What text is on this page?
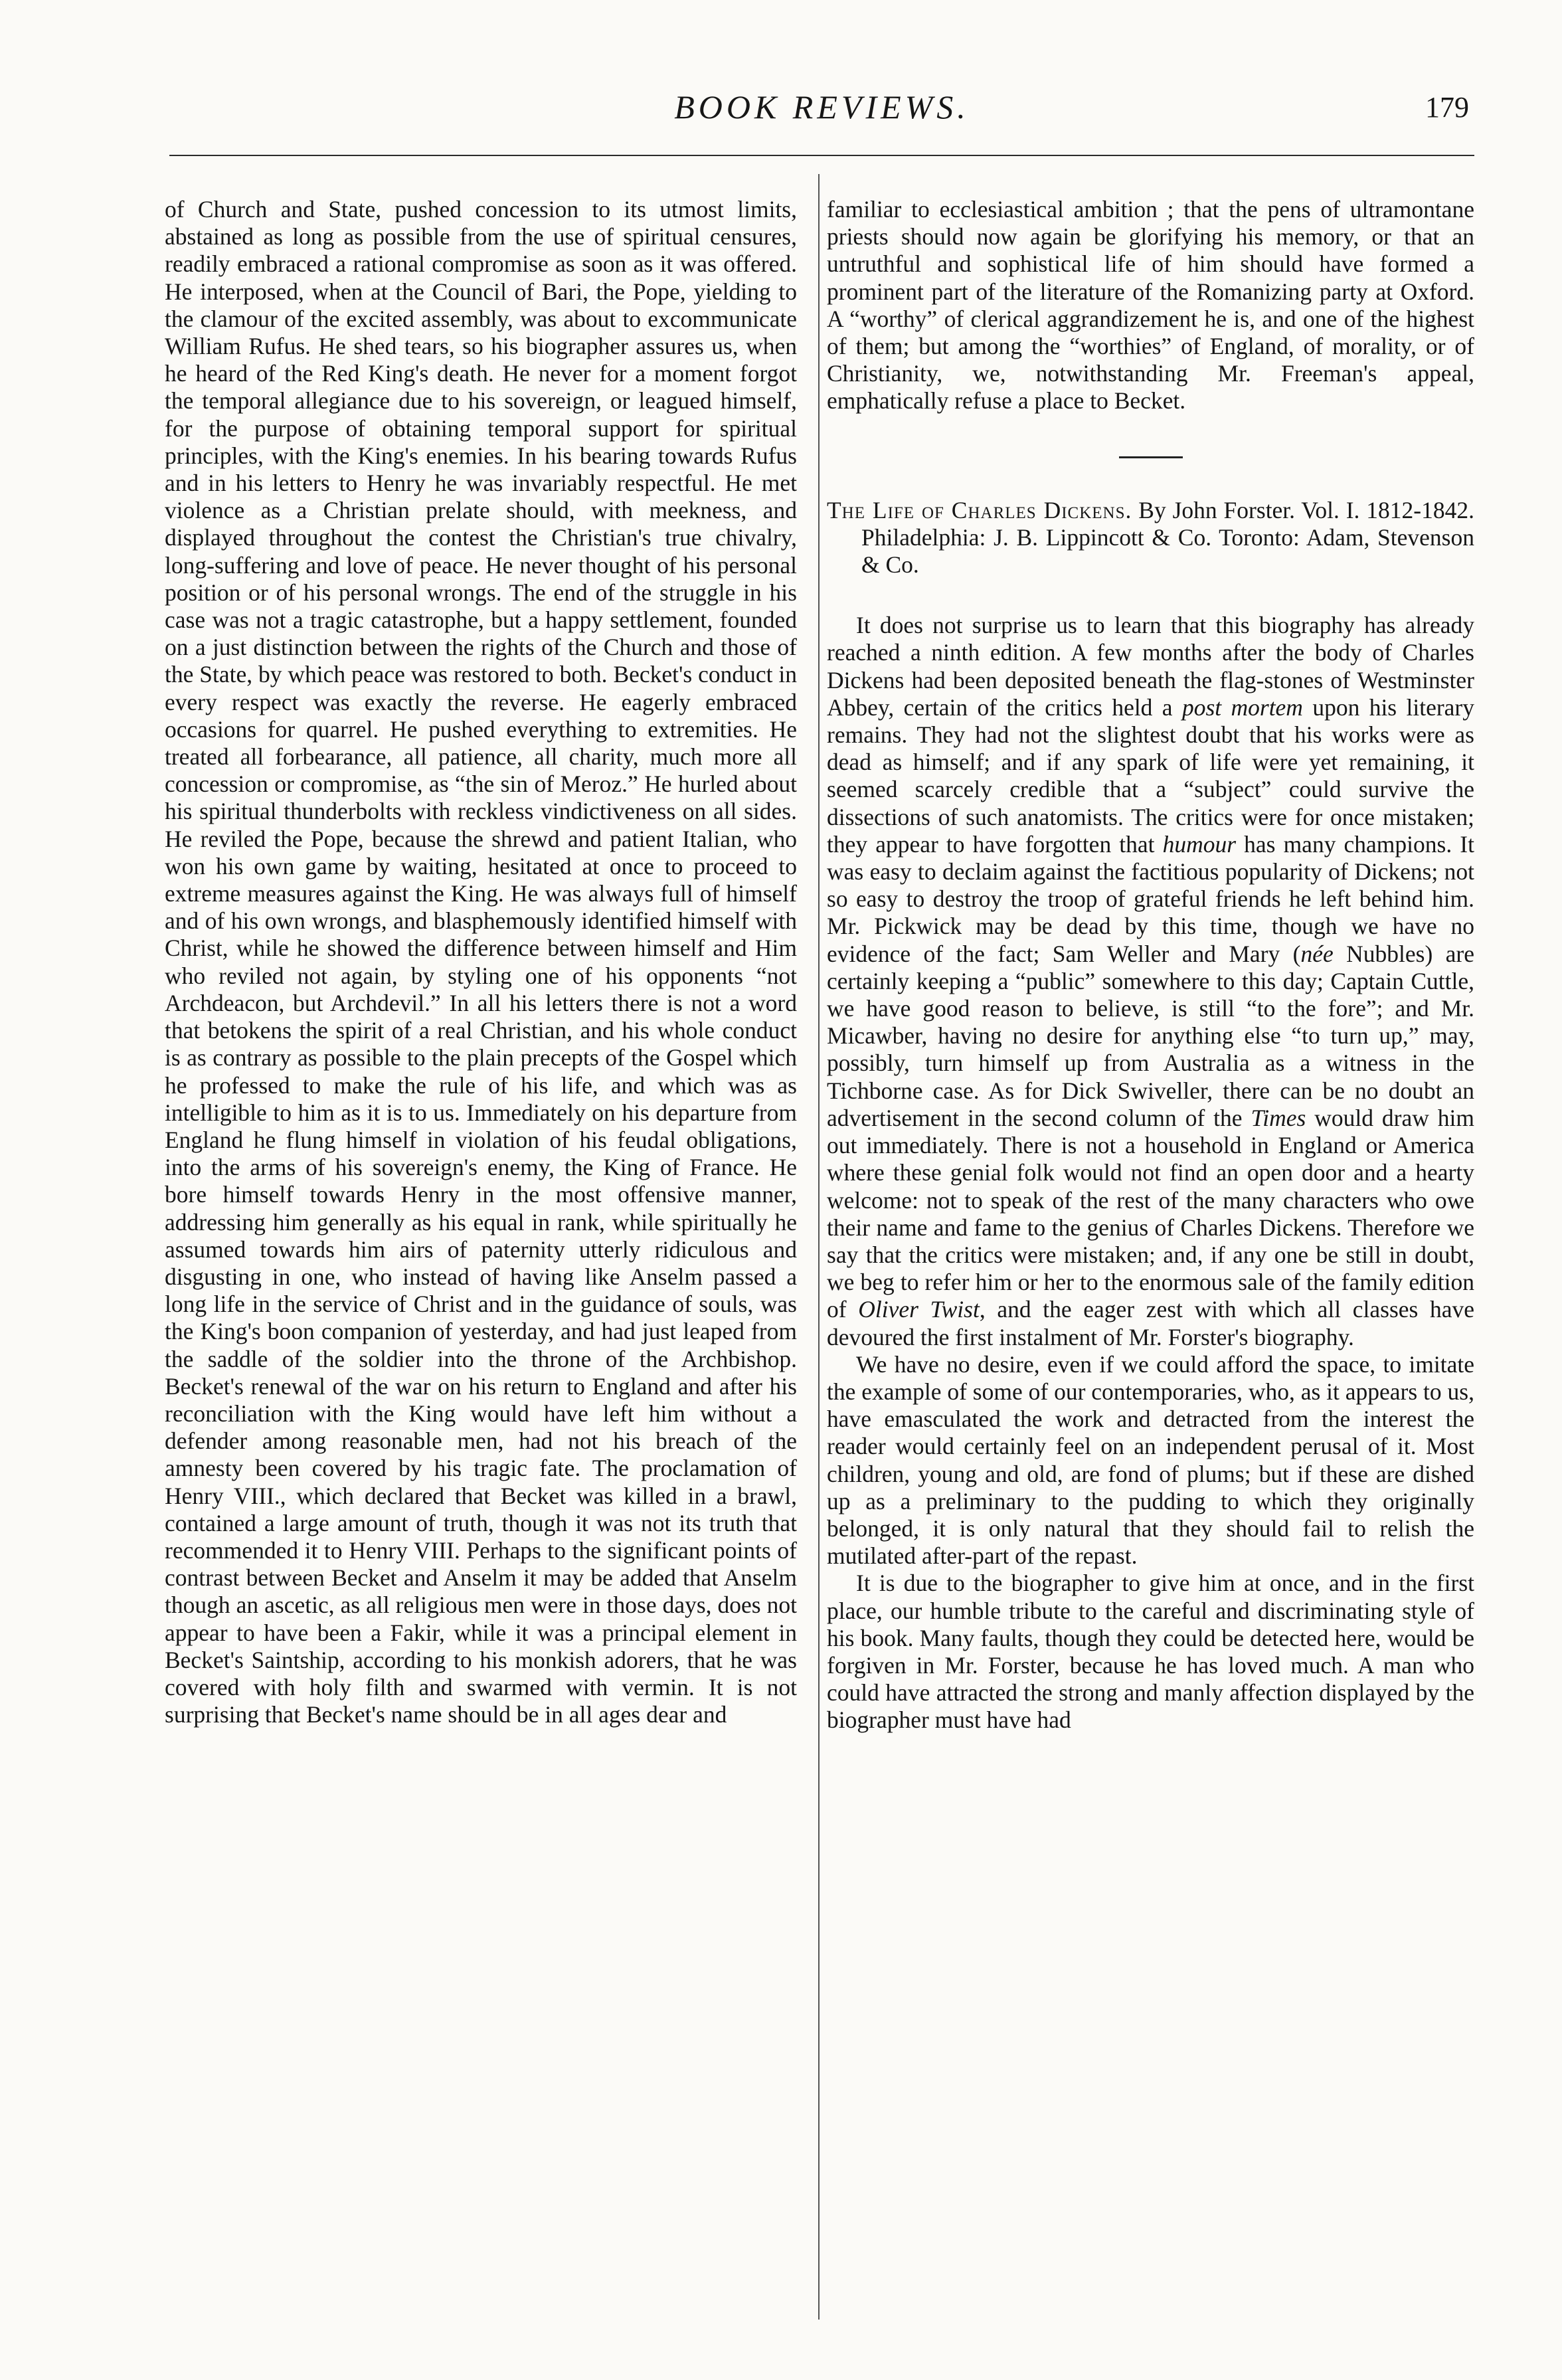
BOOK REVIEWS.	179

of Church and State, pushed concession to its utmost limits, abstained as long as possible from the use of spiritual censures, readily embraced a rational compromise as soon as it was offered. He interposed, when at the Council of Bari, the Pope, yielding to the clamour of the excited assembly, was about to excommunicate William Rufus. He shed tears, so his biographer assures us, when he heard of the Red King's death. He never for a moment forgot the temporal allegiance due to his sovereign, or leagued himself, for the purpose of obtaining temporal support for spiritual principles, with the King's enemies. In his bearing towards Rufus and in his letters to Henry he was invariably respectful. He met violence as a Christian prelate should, with meekness, and displayed throughout the contest the Christian's true chivalry, long-suffering and love of peace. He never thought of his personal position or of his personal wrongs. The end of the struggle in his case was not a tragic catastrophe, but a happy settlement, founded on a just distinction between the rights of the Church and those of the State, by which peace was restored to both. Becket's conduct in every respect was exactly the reverse. He eagerly embraced occasions for quarrel. He pushed everything to extremities. He treated all forbearance, all patience, all charity, much more all concession or compromise, as “the sin of Meroz.” He hurled about his spiritual thunderbolts with reckless vindictiveness on all sides. He reviled the Pope, because the shrewd and patient Italian, who won his own game by waiting, hesitated at once to proceed to extreme measures against the King. He was always full of himself and of his own wrongs, and blasphemously identified himself with Christ, while he showed the difference between himself and Him who reviled not again, by styling one of his opponents “not Archdeacon, but Archdevil.” In all his letters there is not a word that betokens the spirit of a real Christian, and his whole conduct is as contrary as possible to the plain precepts of the Gospel which he professed to make the rule of his life, and which was as intelligible to him as it is to us. Immediately on his departure from England he flung himself in violation of his feudal obligations, into the arms of his sovereign's enemy, the King of France. He bore himself towards Henry in the most offensive manner, addressing him generally as his equal in rank, while spiritually he assumed towards him airs of paternity utterly ridiculous and disgusting in one, who instead of having like Anselm passed a long life in the service of Christ and in the guidance of souls, was the King's boon companion of yesterday, and had just leaped from the saddle of the soldier into the throne of the Archbishop. Becket's renewal of the war on his return to England and after his reconciliation with the King would have left him without a defender among reasonable men, had not his breach of the amnesty been covered by his tragic fate. The proclamation of Henry VIII., which declared that Becket was killed in a brawl, contained a large amount of truth, though it was not its truth that recommended it to Henry VIII. Perhaps to the significant points of contrast between Becket and Anselm it may be added that Anselm though an ascetic, as all religious men were in those days, does not appear to have been a Fakir, while it was a principal element in Becket's Saintship, according to his monkish adorers, that he was covered with holy filth and swarmed with vermin. It is not surprising that Becket's name should be in all ages dear and

familiar to ecclesiastical ambition ; that the pens of ultramontane priests should now again be glorifying his memory, or that an untruthful and sophistical life of him should have formed a prominent part of the literature of the Romanizing party at Oxford. A “worthy” of clerical aggrandizement he is, and one of the highest of them; but among the “worthies” of England, of morality, or of Christianity, we, notwithstanding Mr. Freeman's appeal, emphatically refuse a place to Becket.

The Life of Charles Dickens. By John Forster. Vol. I. 1812-1842. Philadelphia: J. B. Lippincott & Co. Toronto: Adam, Stevenson & Co.

It does not surprise us to learn that this biography has already reached a ninth edition. A few months after the body of Charles Dickens had been deposited beneath the flag-stones of Westminster Abbey, certain of the critics held a post mortem upon his literary remains. They had not the slightest doubt that his works were as dead as himself; and if any spark of life were yet remaining, it seemed scarcely credible that a “subject” could survive the dissections of such anatomists. The critics were for once mistaken; they appear to have forgotten that humour has many champions. It was easy to declaim against the factitious popularity of Dickens; not so easy to destroy the troop of grateful friends he left behind him. Mr. Pickwick may be dead by this time, though we have no evidence of the fact; Sam Weller and Mary (née Nubbles) are certainly keeping a “public” somewhere to this day; Captain Cuttle, we have good reason to believe, is still “to the fore”; and Mr. Micawber, having no desire for anything else “to turn up,” may, possibly, turn himself up from Australia as a witness in the Tichborne case. As for Dick Swiveller, there can be no doubt an advertisement in the second column of the Times would draw him out immediately. There is not a household in England or America where these genial folk would not find an open door and a hearty welcome: not to speak of the rest of the many characters who owe their name and fame to the genius of Charles Dickens. Therefore we say that the critics were mistaken; and, if any one be still in doubt, we beg to refer him or her to the enormous sale of the family edition of Oliver Twist, and the eager zest with which all classes have devoured the first instalment of Mr. Forster's biography.

We have no desire, even if we could afford the space, to imitate the example of some of our contemporaries, who, as it appears to us, have emasculated the work and detracted from the interest the reader would certainly feel on an independent perusal of it. Most children, young and old, are fond of plums; but if these are dished up as a preliminary to the pudding to which they originally belonged, it is only natural that they should fail to relish the mutilated after-part of the repast.

It is due to the biographer to give him at once, and in the first place, our humble tribute to the careful and discriminating style of his book. Many faults, though they could be detected here, would be forgiven in Mr. Forster, because he has loved much. A man who could have attracted the strong and manly affection displayed by the biographer must have had
